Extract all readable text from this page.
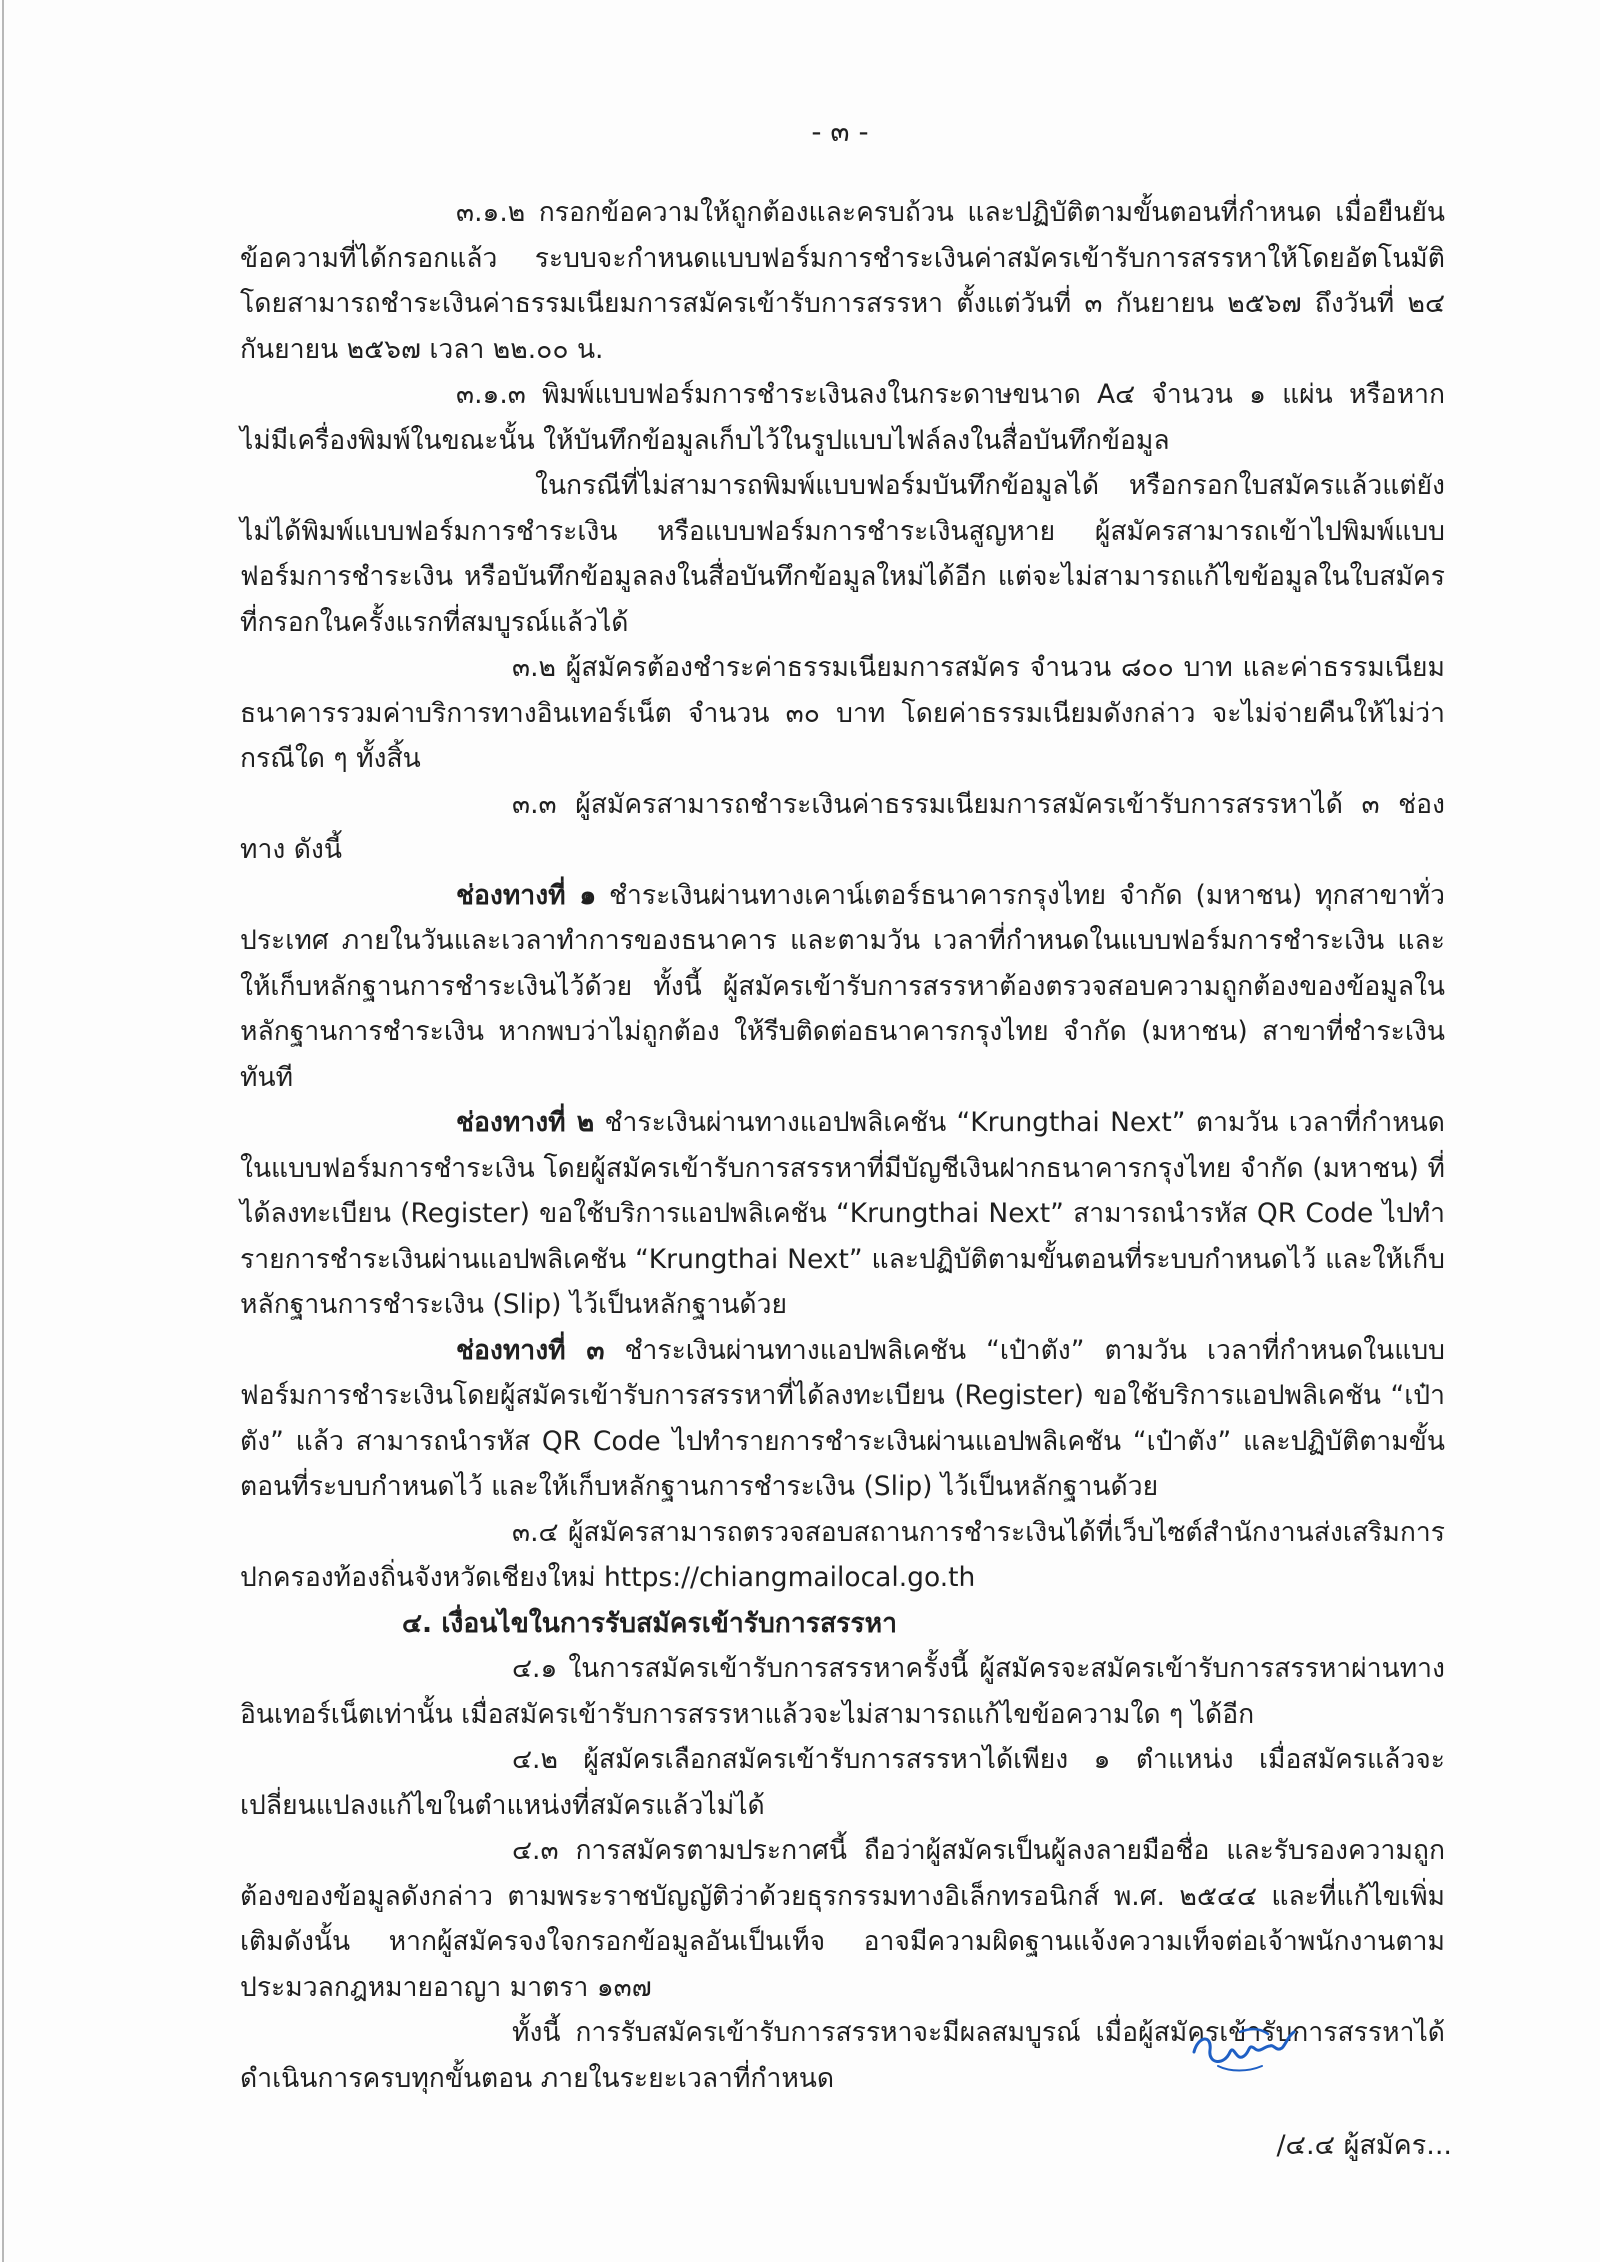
- ๓ -

๓.๑.๒ กรอกข้อความให้ถูกต้องและครบถ้วน และปฏิบัติตามขั้นตอนที่กำหนด เมื่อยืนยันข้อความที่ได้กรอกแล้ว ระบบจะกำหนดแบบฟอร์มการชำระเงินค่าสมัครเข้ารับการสรรหาให้โดยอัตโนมัติ โดยสามารถชำระเงินค่าธรรมเนียมการสมัครเข้ารับการสรรหา ตั้งแต่วันที่ ๓ กันยายน ๒๕๖๗ ถึงวันที่ ๒๔ กันยายน ๒๕๖๗ เวลา ๒๒.๐๐ น.

๓.๑.๓ พิมพ์แบบฟอร์มการชำระเงินลงในกระดาษขนาด A๔ จำนวน ๑ แผ่น หรือหากไม่มีเครื่องพิมพ์ในขณะนั้น ให้บันทึกข้อมูลเก็บไว้ในรูปแบบไฟล์ลงในสื่อบันทึกข้อมูล

ในกรณีที่ไม่สามารถพิมพ์แบบฟอร์มบันทึกข้อมูลได้ หรือกรอกใบสมัครแล้วแต่ยังไม่ได้พิมพ์แบบฟอร์มการชำระเงิน หรือแบบฟอร์มการชำระเงินสูญหาย ผู้สมัครสามารถเข้าไปพิมพ์แบบฟอร์มการชำระเงิน หรือบันทึกข้อมูลลงในสื่อบันทึกข้อมูลใหม่ได้อีก แต่จะไม่สามารถแก้ไขข้อมูลในใบสมัครที่กรอกในครั้งแรกที่สมบูรณ์แล้วได้

๓.๒ ผู้สมัครต้องชำระค่าธรรมเนียมการสมัคร จำนวน ๘๐๐ บาท และค่าธรรมเนียมธนาคารรวมค่าบริการทางอินเทอร์เน็ต จำนวน ๓๐ บาท โดยค่าธรรมเนียมดังกล่าว จะไม่จ่ายคืนให้ไม่ว่ากรณีใด ๆ ทั้งสิ้น

๓.๓ ผู้สมัครสามารถชำระเงินค่าธรรมเนียมการสมัครเข้ารับการสรรหาได้ ๓ ช่องทาง ดังนี้

ช่องทางที่ ๑ ชำระเงินผ่านทางเคาน์เตอร์ธนาคารกรุงไทย จำกัด (มหาชน) ทุกสาขาทั่วประเทศ ภายในวันและเวลาทำการของธนาคาร และตามวัน เวลาที่กำหนดในแบบฟอร์มการชำระเงิน และให้เก็บหลักฐานการชำระเงินไว้ด้วย ทั้งนี้ ผู้สมัครเข้ารับการสรรหาต้องตรวจสอบความถูกต้องของข้อมูลในหลักฐานการชำระเงิน หากพบว่าไม่ถูกต้อง ให้รีบติดต่อธนาคารกรุงไทย จำกัด (มหาชน) สาขาที่ชำระเงินทันที

ช่องทางที่ ๒ ชำระเงินผ่านทางแอปพลิเคชัน “Krungthai Next” ตามวัน เวลาที่กำหนดในแบบฟอร์มการชำระเงิน โดยผู้สมัครเข้ารับการสรรหาที่มีบัญชีเงินฝากธนาคารกรุงไทย จำกัด (มหาชน) ที่ได้ลงทะเบียน (Register) ขอใช้บริการแอปพลิเคชัน “Krungthai Next” สามารถนำรหัส QR Code ไปทำรายการชำระเงินผ่านแอปพลิเคชัน “Krungthai Next” และปฏิบัติตามขั้นตอนที่ระบบกำหนดไว้ และให้เก็บหลักฐานการชำระเงิน (Slip) ไว้เป็นหลักฐานด้วย

ช่องทางที่ ๓ ชำระเงินผ่านทางแอปพลิเคชัน “เป๋าตัง” ตามวัน เวลาที่กำหนดในแบบฟอร์มการชำระเงินโดยผู้สมัครเข้ารับการสรรหาที่ได้ลงทะเบียน (Register) ขอใช้บริการแอปพลิเคชัน “เป๋าตัง” แล้ว สามารถนำรหัส QR Code ไปทำรายการชำระเงินผ่านแอปพลิเคชัน “เป๋าตัง” และปฏิบัติตามขั้นตอนที่ระบบกำหนดไว้ และให้เก็บหลักฐานการชำระเงิน (Slip) ไว้เป็นหลักฐานด้วย

๓.๔ ผู้สมัครสามารถตรวจสอบสถานการชำระเงินได้ที่เว็บไซต์สำนักงานส่งเสริมการปกครองท้องถิ่นจังหวัดเชียงใหม่ https://chiangmailocal.go.th

๔. เงื่อนไขในการรับสมัครเข้ารับการสรรหา

๔.๑ ในการสมัครเข้ารับการสรรหาครั้งนี้ ผู้สมัครจะสมัครเข้ารับการสรรหาผ่านทางอินเทอร์เน็ตเท่านั้น เมื่อสมัครเข้ารับการสรรหาแล้วจะไม่สามารถแก้ไขข้อความใด ๆ ได้อีก

๔.๒ ผู้สมัครเลือกสมัครเข้ารับการสรรหาได้เพียง ๑ ตำแหน่ง เมื่อสมัครแล้วจะเปลี่ยนแปลงแก้ไขในตำแหน่งที่สมัครแล้วไม่ได้

๔.๓ การสมัครตามประกาศนี้ ถือว่าผู้สมัครเป็นผู้ลงลายมือชื่อ และรับรองความถูกต้องของข้อมูลดังกล่าว ตามพระราชบัญญัติว่าด้วยธุรกรรมทางอิเล็กทรอนิกส์ พ.ศ. ๒๕๔๔ และที่แก้ไขเพิ่มเติมดังนั้น หากผู้สมัครจงใจกรอกข้อมูลอันเป็นเท็จ อาจมีความผิดฐานแจ้งความเท็จต่อเจ้าพนักงานตามประมวลกฎหมายอาญา มาตรา ๑๓๗

ทั้งนี้ การรับสมัครเข้ารับการสรรหาจะมีผลสมบูรณ์ เมื่อผู้สมัครเข้ารับการสรรหาได้ดำเนินการครบทุกขั้นตอน ภายในระยะเวลาที่กำหนด

/๔.๔ ผู้สมัคร...
